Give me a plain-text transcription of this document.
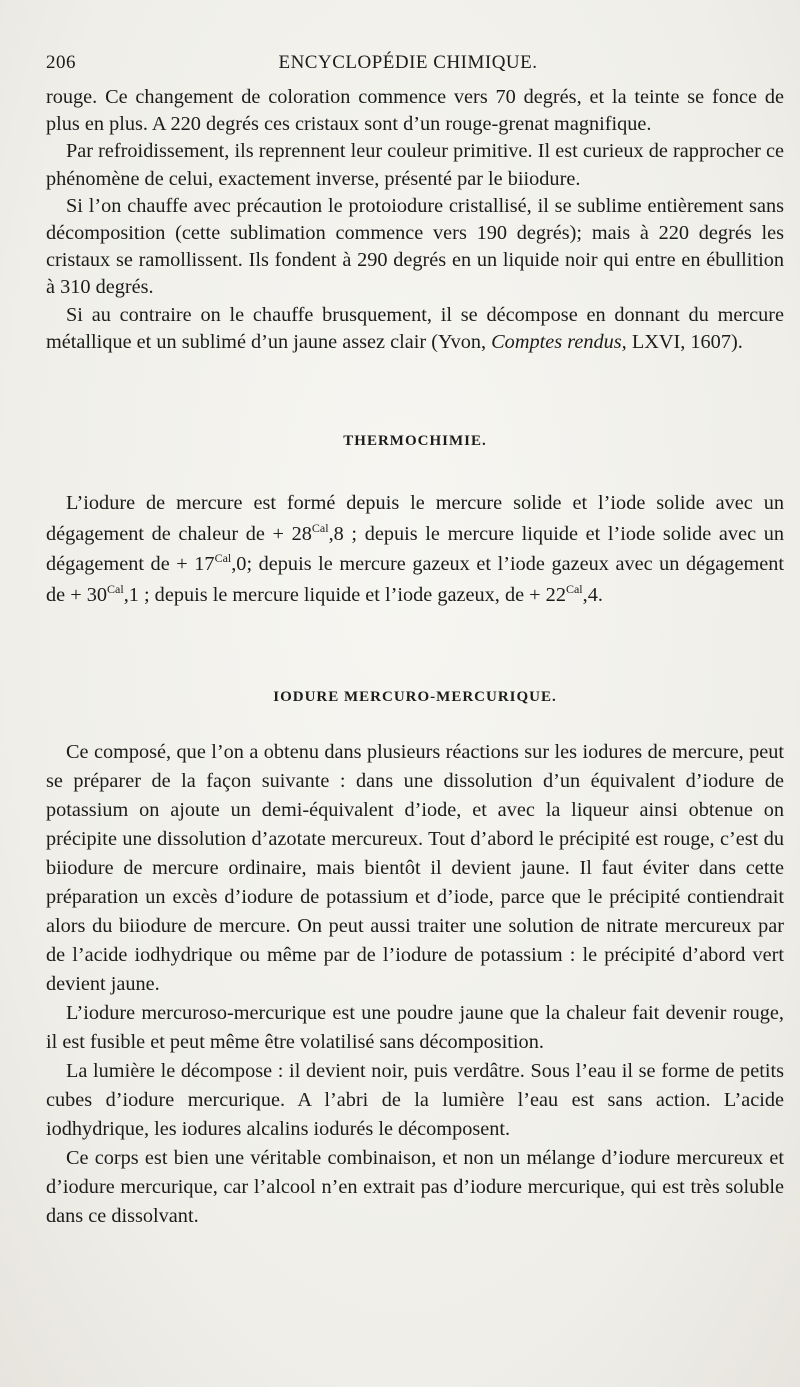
206	ENCYCLOPÉDIE CHIMIQUE.

rouge. Ce changement de coloration commence vers 70 degrés, et la teinte se fonce de plus en plus. A 220 degrés ces cristaux sont d’un rouge-grenat magnifique.

Par refroidissement, ils reprennent leur couleur primitive. Il est curieux de rapprocher ce phénomène de celui, exactement inverse, présenté par le biiodure.

Si l’on chauffe avec précaution le protoiodure cristallisé, il se sublime entièrement sans décomposition (cette sublimation commence vers 190 degrés); mais à 220 degrés les cristaux se ramollissent. Ils fondent à 290 degrés en un liquide noir qui entre en ébullition à 310 degrés.

Si au contraire on le chauffe brusquement, il se décompose en donnant du mercure métallique et un sublimé d’un jaune assez clair (Yvon, Comptes rendus, LXVI, 1607).

THERMOCHIMIE.

L’iodure de mercure est formé depuis le mercure solide et l’iode solide avec un dégagement de chaleur de + $28^{Cal},8$ ; depuis le mercure liquide et l’iode solide avec un dégagement de + $17^{Cal},0$; depuis le mercure gazeux et l’iode gazeux avec un dégagement de + $30^{Cal},1$ ; depuis le mercure liquide et l’iode gazeux, de + $22^{Cal},4$.

IODURE MERCURO-MERCURIQUE.

Ce composé, que l’on a obtenu dans plusieurs réactions sur les iodures de mercure, peut se préparer de la façon suivante : dans une dissolution d’un équivalent d’iodure de potassium on ajoute un demi-équivalent d’iode, et avec la liqueur ainsi obtenue on précipite une dissolution d’azotate mercureux. Tout d’abord le précipité est rouge, c’est du biiodure de mercure ordinaire, mais bientôt il devient jaune. Il faut éviter dans cette préparation un excès d’iodure de potassium et d’iode, parce que le précipité contiendrait alors du biiodure de mercure. On peut aussi traiter une solution de nitrate mercureux par de l’acide iodhydrique ou même par de l’iodure de potassium : le précipité d’abord vert devient jaune.

L’iodure mercuroso-mercurique est une poudre jaune que la chaleur fait devenir rouge, il est fusible et peut même être volatilisé sans décomposition.

La lumière le décompose : il devient noir, puis verdâtre. Sous l’eau il se forme de petits cubes d’iodure mercurique. A l’abri de la lumière l’eau est sans action. L’acide iodhydrique, les iodures alcalins iodurés le décomposent.

Ce corps est bien une véritable combinaison, et non un mélange d’iodure mercureux et d’iodure mercurique, car l’alcool n’en extrait pas d’iodure mercurique, qui est très soluble dans ce dissolvant.
